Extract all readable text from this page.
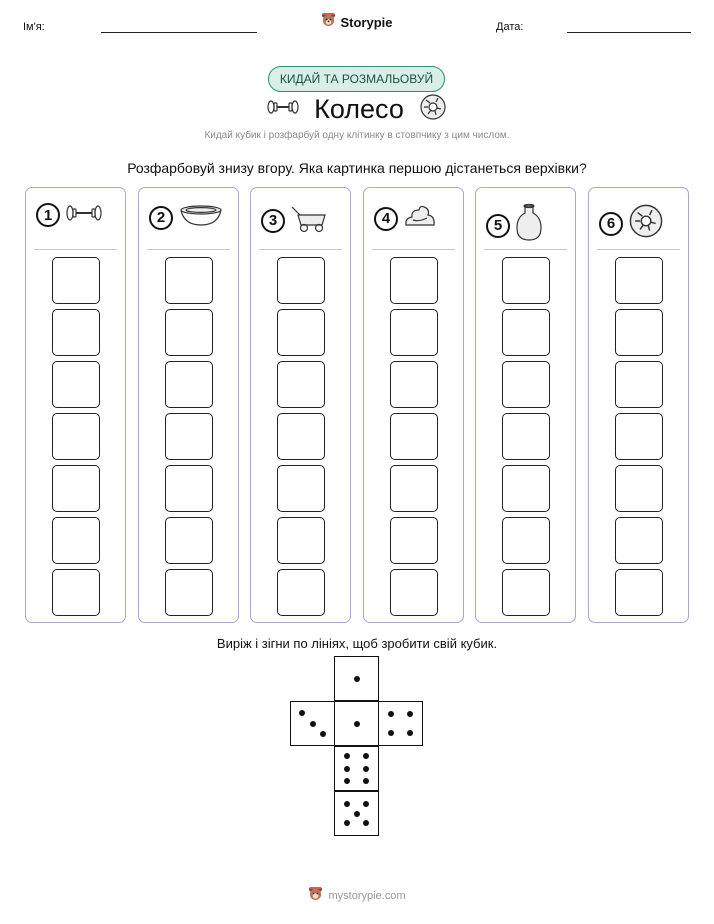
Ім'я:	Storypie	Дата:
КИДАЙ ТА РОЗМАЛЬОВУЙ
Колесо
Кидай кубик і розфарбуй одну клітинку в стовпчику з цим числом.
Розфарбовуй знизу вгору. Яка картинка першою дістанеться верхівки?
1	2	3	4	5	6
Виріж і зігни по лініях, щоб зробити свій кубик.
mystorypie.com
